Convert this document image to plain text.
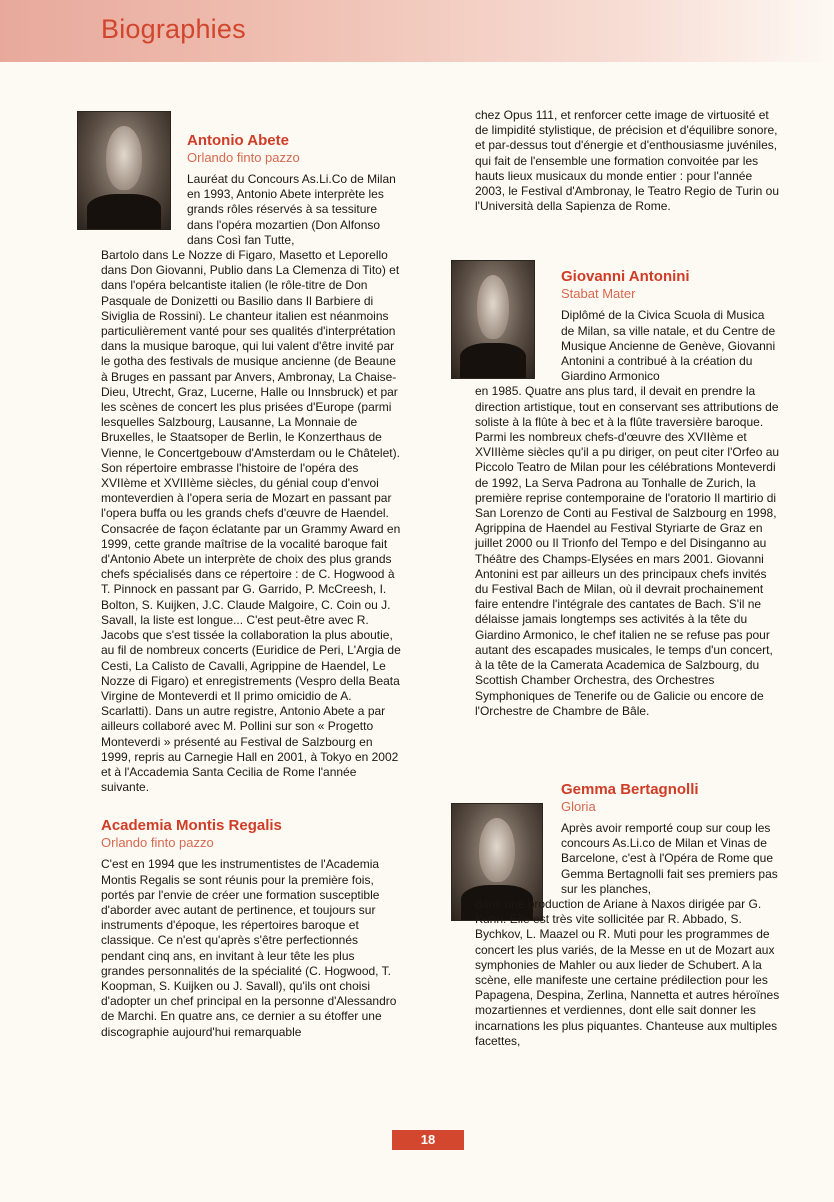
Biographies

Antonio Abete

Orlando finto pazzo

Lauréat du Concours As.Li.Co de Milan en 1993, Antonio Abete interprète les grands rôles réservés à sa tessiture dans l'opéra mozartien (Don Alfonso dans Così fan Tutte,

Bartolo dans Le Nozze di Figaro, Masetto et Leporello dans Don Giovanni, Publio dans La Clemenza di Tito) et dans l'opéra belcantiste italien (le rôle-titre de Don Pasquale de Donizetti ou Basilio dans Il Barbiere di Siviglia de Rossini). Le chanteur italien est néanmoins particulièrement vanté pour ses qualités d'interprétation dans la musique baroque, qui lui valent d'être invité par le gotha des festivals de musique ancienne (de Beaune à Bruges en passant par Anvers, Ambronay, La Chaise-Dieu, Utrecht, Graz, Lucerne, Halle ou Innsbruck) et par les scènes de concert les plus prisées d'Europe (parmi lesquelles Salzbourg, Lausanne, La Monnaie de Bruxelles, le Staatsoper de Berlin, le Konzerthaus de Vienne, le Concertgebouw d'Amsterdam ou le Châtelet). Son répertoire embrasse l'histoire de l'opéra des XVIIème et XVIIIème siècles, du génial coup d'envoi monteverdien à l'opera seria de Mozart en passant par l'opera buffa ou les grands chefs d'œuvre de Haendel. Consacrée de façon éclatante par un Grammy Award en 1999, cette grande maîtrise de la vocalité baroque fait d'Antonio Abete un interprète de choix des plus grands chefs spécialisés dans ce répertoire : de C. Hogwood à T. Pinnock en passant par G. Garrido, P. McCreesh, I. Bolton, S. Kuijken, J.C. Claude Malgoire, C. Coin ou J. Savall, la liste est longue... C'est peut-être avec R. Jacobs que s'est tissée la collaboration la plus aboutie, au fil de nombreux concerts (Euridice de Peri, L'Argia de Cesti, La Calisto de Cavalli, Agrippine de Haendel, Le Nozze di Figaro) et enregistrements (Vespro della Beata Virgine de Monteverdi et Il primo omicidio de A. Scarlatti). Dans un autre registre, Antonio Abete a par ailleurs collaboré avec M. Pollini sur son « Progetto Monteverdi » présenté au Festival de Salzbourg en 1999, repris au Carnegie Hall en 2001, à Tokyo en 2002 et à l'Accademia Santa Cecilia de Rome l'année suivante.

Academia Montis Regalis

Orlando finto pazzo

C'est en 1994 que les instrumentistes de l'Academia Montis Regalis se sont réunis pour la première fois, portés par l'envie de créer une formation susceptible d'aborder avec autant de pertinence, et toujours sur instruments d'époque, les répertoires baroque et classique. Ce n'est qu'après s'être perfectionnés pendant cinq ans, en invitant à leur tête les plus grandes personnalités de la spécialité (C. Hogwood, T. Koopman, S. Kuijken ou J. Savall), qu'ils ont choisi d'adopter un chef principal en la personne d'Alessandro de Marchi. En quatre ans, ce dernier a su étoffer une discographie aujourd'hui remarquable

chez Opus 111, et renforcer cette image de virtuosité et de limpidité stylistique, de précision et d'équilibre sonore, et par-dessus tout d'énergie et d'enthousiasme juvéniles, qui fait de l'ensemble une formation convoitée par les hauts lieux musicaux du monde entier : pour l'année 2003, le Festival d'Ambronay, le Teatro Regio de Turin ou l'Università della Sapienza de Rome.

Giovanni Antonini

Stabat Mater

Diplômé de la Civica Scuola di Musica de Milan, sa ville natale, et du Centre de Musique Ancienne de Genève, Giovanni Antonini a contribué à la création du Giardino Armonico

en 1985. Quatre ans plus tard, il devait en prendre la direction artistique, tout en conservant ses attributions de soliste à la flûte à bec et à la flûte traversière baroque. Parmi les nombreux chefs-d'œuvre des XVIIème et XVIIIème siècles qu'il a pu diriger, on peut citer l'Orfeo au Piccolo Teatro de Milan pour les célébrations Monteverdi de 1992, La Serva Padrona au Tonhalle de Zurich, la première reprise contemporaine de l'oratorio Il martirio di San Lorenzo de Conti au Festival de Salzbourg en 1998, Agrippina de Haendel au Festival Styriarte de Graz en juillet 2000 ou Il Trionfo del Tempo e del Disinganno au Théâtre des Champs-Elysées en mars 2001. Giovanni Antonini est par ailleurs un des principaux chefs invités du Festival Bach de Milan, où il devrait prochainement faire entendre l'intégrale des cantates de Bach. S'il ne délaisse jamais longtemps ses activités à la tête du Giardino Armonico, le chef italien ne se refuse pas pour autant des escapades musicales, le temps d'un concert, à la tête de la Camerata Academica de Salzbourg, du Scottish Chamber Orchestra, des Orchestres Symphoniques de Tenerife ou de Galicie ou encore de l'Orchestre de Chambre de Bâle.

Gemma Bertagnolli

Gloria

Après avoir remporté coup sur coup les concours As.Li.co de Milan et Vinas de Barcelone, c'est à l'Opéra de Rome que Gemma Bertagnolli fait ses premiers pas sur les planches,

dans une production de Ariane à Naxos dirigée par G. Kuhn. Elle est très vite sollicitée par R. Abbado, S. Bychkov, L. Maazel ou R. Muti pour les programmes de concert les plus variés, de la Messe en ut de Mozart aux symphonies de Mahler ou aux lieder de Schubert. A la scène, elle manifeste une certaine prédilection pour les Papagena, Despina, Zerlina, Nannetta et autres héroïnes mozartiennes et verdiennes, dont elle sait donner les incarnations les plus piquantes. Chanteuse aux multiples facettes,

18
